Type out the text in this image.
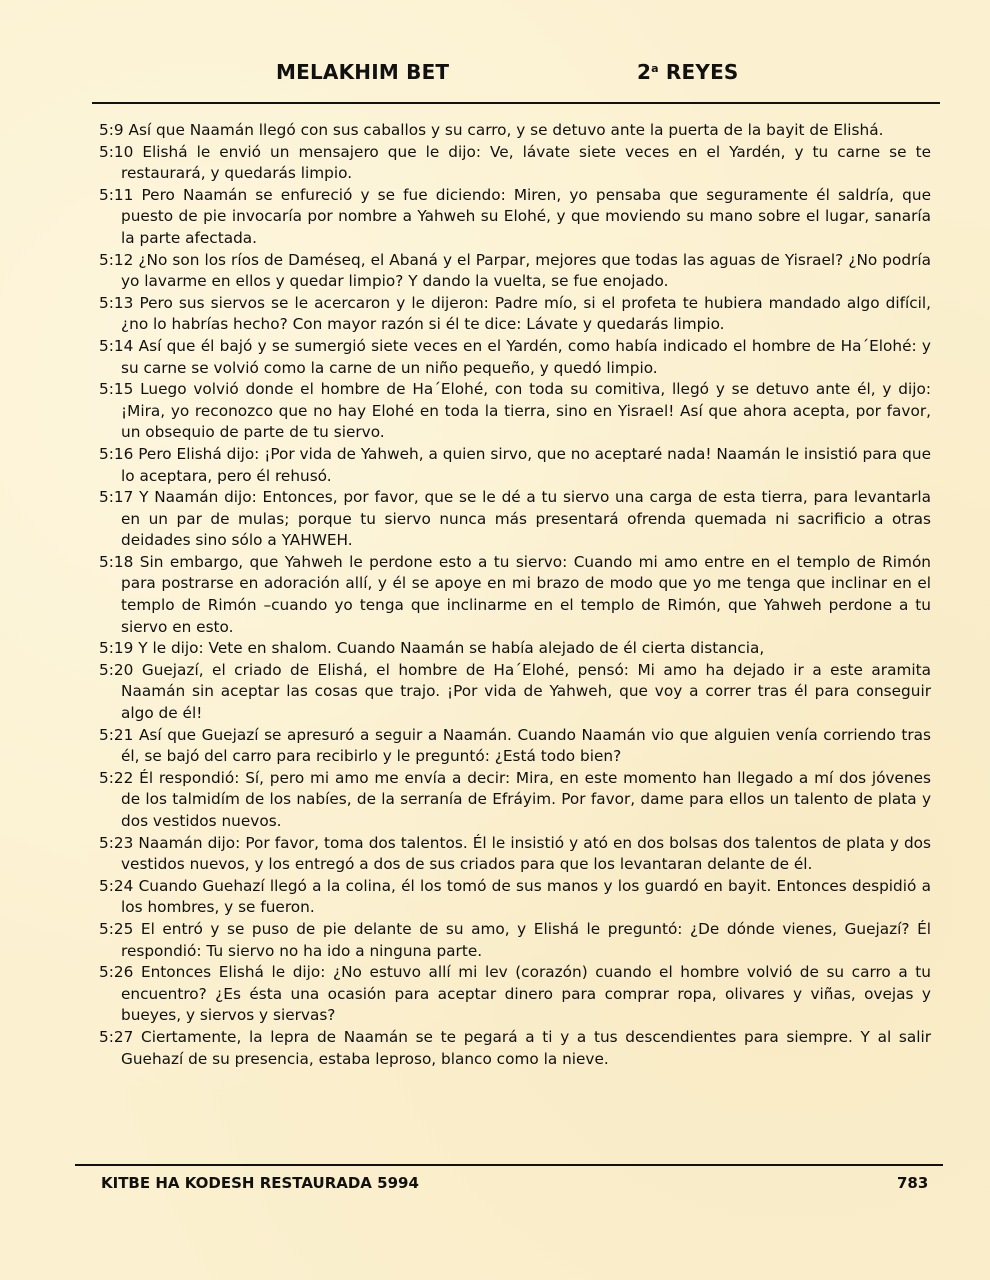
MELAKHIM BET	2$^a$ REYES
5:9 Así que Naamán llegó con sus caballos y su carro, y se detuvo ante la puerta de la bayit de Elishá.
5:10 Elishá le envió un mensajero que le dijo: Ve, lávate siete veces en el Yardén, y tu carne se te restaurará, y quedarás limpio.
5:11 Pero Naamán se enfureció y se fue diciendo: Miren, yo pensaba que seguramente él saldría, que puesto de pie invocaría por nombre a Yahweh su Elohé, y que moviendo su mano sobre el lugar, sanaría la parte afectada.
5:12 ¿No son los ríos de Daméseq, el Abaná y el Parpar, mejores que todas las aguas de Yisrael? ¿No podría yo lavarme en ellos y quedar limpio? Y dando la vuelta, se fue enojado.
5:13 Pero sus siervos se le acercaron y le dijeron: Padre mío, si el profeta te hubiera mandado algo difícil, ¿no lo habrías hecho? Con mayor razón si él te dice: Lávate y quedarás limpio.
5:14 Así que él bajó y se sumergió siete veces en el Yardén, como había indicado el hombre de Ha´Elohé: y su carne se volvió como la carne de un niño pequeño, y quedó limpio.
5:15 Luego volvió donde el hombre de Ha´Elohé, con toda su comitiva, llegó y se detuvo ante él, y dijo: ¡Mira, yo reconozco que no hay Elohé en toda la tierra, sino en Yisrael! Así que ahora acepta, por favor, un obsequio de parte de tu siervo.
5:16 Pero Elishá dijo: ¡Por vida de Yahweh, a quien sirvo, que no aceptaré nada! Naamán le insistió para que lo aceptara, pero él rehusó.
5:17 Y Naamán dijo: Entonces, por favor, que se le dé a tu siervo una carga de esta tierra, para levantarla en un par de mulas; porque tu siervo nunca más presentará ofrenda quemada ni sacrificio a otras deidades sino sólo a YAHWEH.
5:18 Sin embargo, que Yahweh le perdone esto a tu siervo: Cuando mi amo entre en el templo de Rimón para postrarse en adoración allí, y él se apoye en mi brazo de modo que yo me tenga que inclinar en el templo de Rimón –cuando yo tenga que inclinarme en el templo de Rimón, que Yahweh perdone a tu siervo en esto.
5:19 Y le dijo: Vete en shalom. Cuando Naamán se había alejado de él cierta distancia,
5:20 Guejazí, el criado de Elishá, el hombre de Ha´Elohé, pensó: Mi amo ha dejado ir a este aramita Naamán sin aceptar las cosas que trajo. ¡Por vida de Yahweh, que voy a correr tras él para conseguir algo de él!
5:21 Así que Guejazí se apresuró a seguir a Naamán. Cuando Naamán vio que alguien venía corriendo tras él, se bajó del carro para recibirlo y le preguntó: ¿Está todo bien?
5:22 Él respondió: Sí, pero mi amo me envía a decir: Mira, en este momento han llegado a mí dos jóvenes de los talmidím de los nabíes, de la serranía de Efráyim. Por favor, dame para ellos un talento de plata y dos vestidos nuevos.
5:23 Naamán dijo: Por favor, toma dos talentos. Él le insistió y ató en dos bolsas dos talentos de plata y dos vestidos nuevos, y los entregó a dos de sus criados para que los levantaran delante de él.
5:24 Cuando Guehazí llegó a la colina, él los tomó de sus manos y los guardó en bayit. Entonces despidió a los hombres, y se fueron.
5:25 El entró y se puso de pie delante de su amo, y Elishá le preguntó: ¿De dónde vienes, Guejazí? Él respondió: Tu siervo no ha ido a ninguna parte.
5:26 Entonces Elishá le dijo: ¿No estuvo allí mi lev (corazón) cuando el hombre volvió de su carro a tu encuentro? ¿Es ésta una ocasión para aceptar dinero para comprar ropa, olivares y viñas, ovejas y bueyes, y siervos y siervas?
5:27 Ciertamente, la lepra de Naamán se te pegará a ti y a tus descendientes para siempre. Y al salir Guehazí de su presencia, estaba leproso, blanco como la nieve.
KITBE HA KODESH RESTAURADA 5994	783
